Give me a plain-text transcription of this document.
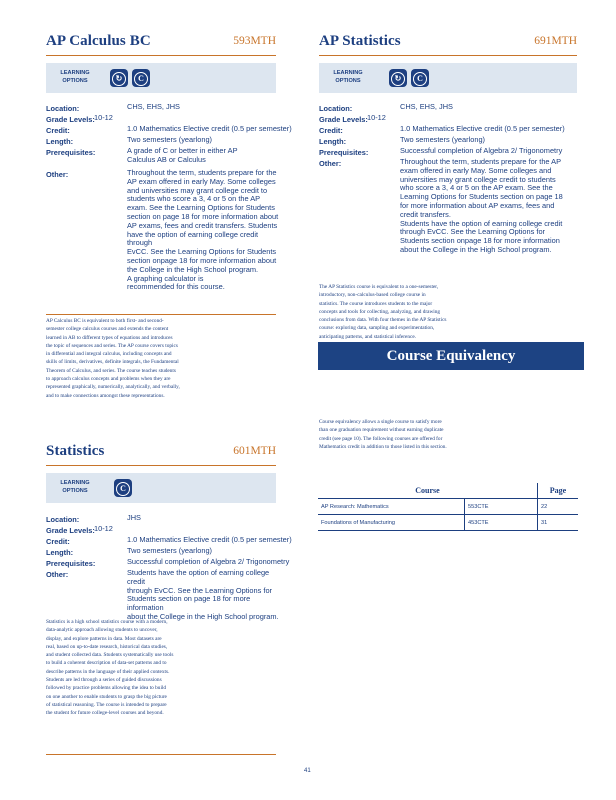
AP Calculus BC	593MTH
LEARNING OPTIONS	↻	C
Location:	CHS, EHS, JHS
Grade Levels: 10-12
Credit:	1.0 Mathematics Elective credit (0.5 per semester)
Length:	Two semesters (yearlong)
Prerequisites:	A grade of C or better in either AP
Calculus AB or Calculus
Other:	Throughout the term, students prepare for the
AP exam offered in early May. Some colleges
and universities may grant college credit to
students who score a 3, 4 or 5 on the AP
exam. See the Learning Options for Students
section on page 18 for more information about
AP exams, fees and credit transfers. Students
have the option of earning college credit through
EvCC. See the Learning Options for Students
section onpage 18 for more information about
the College in the High School program.
A graphing calculator is
recommended for this course.
AP Calculus BC is equivalent to both first- and second-
semester college calculus courses and extends the content
learned in AB to different types of equations and introduces
the topic of sequences and series. The AP course covers topics
in differential and integral calculus, including concepts and
skills of limits, derivatives, definite integrals, the Fundamental
Theorem of Calculus, and series. The course teaches students
to approach calculus concepts and problems when they are
represented graphically, numerically, analytically, and verbally,
and to make connections amongst these representations.
Statistics	601MTH
LEARNING OPTIONS	C
Location:	JHS
Grade Levels: 10-12
Credit:	1.0 Mathematics Elective credit (0.5 per semester)
Length:	Two semesters (yearlong)
Prerequisites:	Successful completion of Algebra 2/ Trigonometry
Other:	Students have the option of earning college credit
through EvCC. See the Learning Options for
Students section on page 18 for more information
about the College in the High School program.
Statistics is a high school statistics course with a modern,
data-analytic approach allowing students to uncover,
display, and explore patterns in data. Most datasets are
real, based on up-to-date research, historical data studies,
and student collected data. Students systematically use tools
to build a coherent description of data-set patterns and to
describe patterns in the language of their applied contexts.
Students are led through a series of guided discussions
followed by practice problems allowing the idea to build
on one another to enable students to grasp the big picture
of statistical reasoning. The course is intended to prepare
the student for future college-level courses and beyond.
AP Statistics	691MTH
LEARNING OPTIONS	↻	C
Location:	CHS, EHS, JHS
Grade Levels: 10-12
Credit:	1.0 Mathematics Elective credit (0.5 per semester)
Length:	Two semesters (yearlong)
Prerequisites:	Successful completion of Algebra 2/ Trigonometry
Other:	Throughout the term, students prepare for the AP
exam offered in early May. Some colleges and
universities may grant college credit to students
who score a 3, 4 or 5 on the AP exam. See the
Learning Options for Students section on page 18
for more information about AP exams, fees and
credit transfers.
Students have the option of earning college credit
through EvCC. See the Learning Options for
Students section onpage 18 for more information
about the College in the High School program.
The AP Statistics course is equivalent to a one-semester,
introductory, non-calculus-based college course in
statistics. The course introduces students to the major
concepts and tools for collecting, analyzing, and drawing
conclusions from data. With four themes in the AP Statistics
course: exploring data, sampling and experimentation,
anticipating patterns, and statistical inference.
Course Equivalency
Course equivalency allows a single course to satisfy more
than one graduation requirement without earning duplicate
credit (see page 10). The following courses are offered for
Mathematics credit in addition to those listed in this section.
Course		Page
AP Research: Mathematics	553CTE	22
Foundations of Manufacturing	453CTE	31
41
